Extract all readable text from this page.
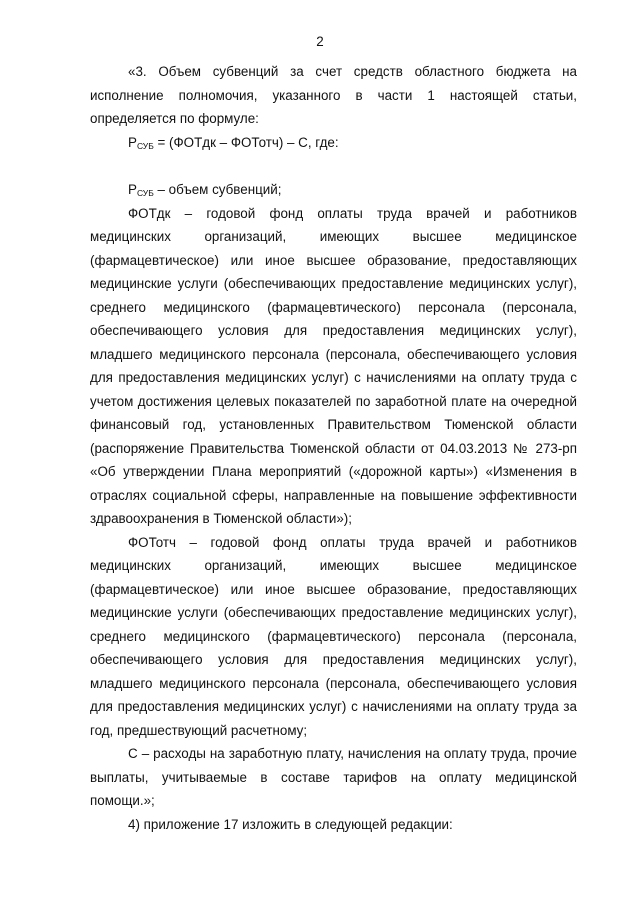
2

«3. Объем субвенций за счет средств областного бюджета на исполнение полномочия, указанного в части 1 настоящей статьи, определяется по формуле:

$Р_{СУБ}$ = (ФОТдк – ФОТотч) – С, где:

$Р_{СУБ}$ – объем субвенций;

ФОТдк – годовой фонд оплаты труда врачей и работников медицинских организаций, имеющих высшее медицинское (фармацевтическое) или иное высшее образование, предоставляющих медицинские услуги (обеспечивающих предоставление медицинских услуг), среднего медицинского (фармацевтического) персонала (персонала, обеспечивающего условия для предоставления медицинских услуг), младшего медицинского персонала (персонала, обеспечивающего условия для предоставления медицинских услуг) с начислениями на оплату труда с учетом достижения целевых показателей по заработной плате на очередной финансовый год, установленных Правительством Тюменской области (распоряжение Правительства Тюменской области от 04.03.2013 № 273-рп «Об утверждении Плана мероприятий («дорожной карты») «Изменения в отраслях социальной сферы, направленные на повышение эффективности здравоохранения в Тюменской области»);

ФОТотч – годовой фонд оплаты труда врачей и работников медицинских организаций, имеющих высшее медицинское (фармацевтическое) или иное высшее образование, предоставляющих медицинские услуги (обеспечивающих предоставление медицинских услуг), среднего медицинского (фармацевтического) персонала (персонала, обеспечивающего условия для предоставления медицинских услуг), младшего медицинского персонала (персонала, обеспечивающего условия для предоставления медицинских услуг) с начислениями на оплату труда за год, предшествующий расчетному;

С – расходы на заработную плату, начисления на оплату труда, прочие выплаты, учитываемые в составе тарифов на оплату медицинской помощи.»;

4) приложение 17 изложить в следующей редакции:
